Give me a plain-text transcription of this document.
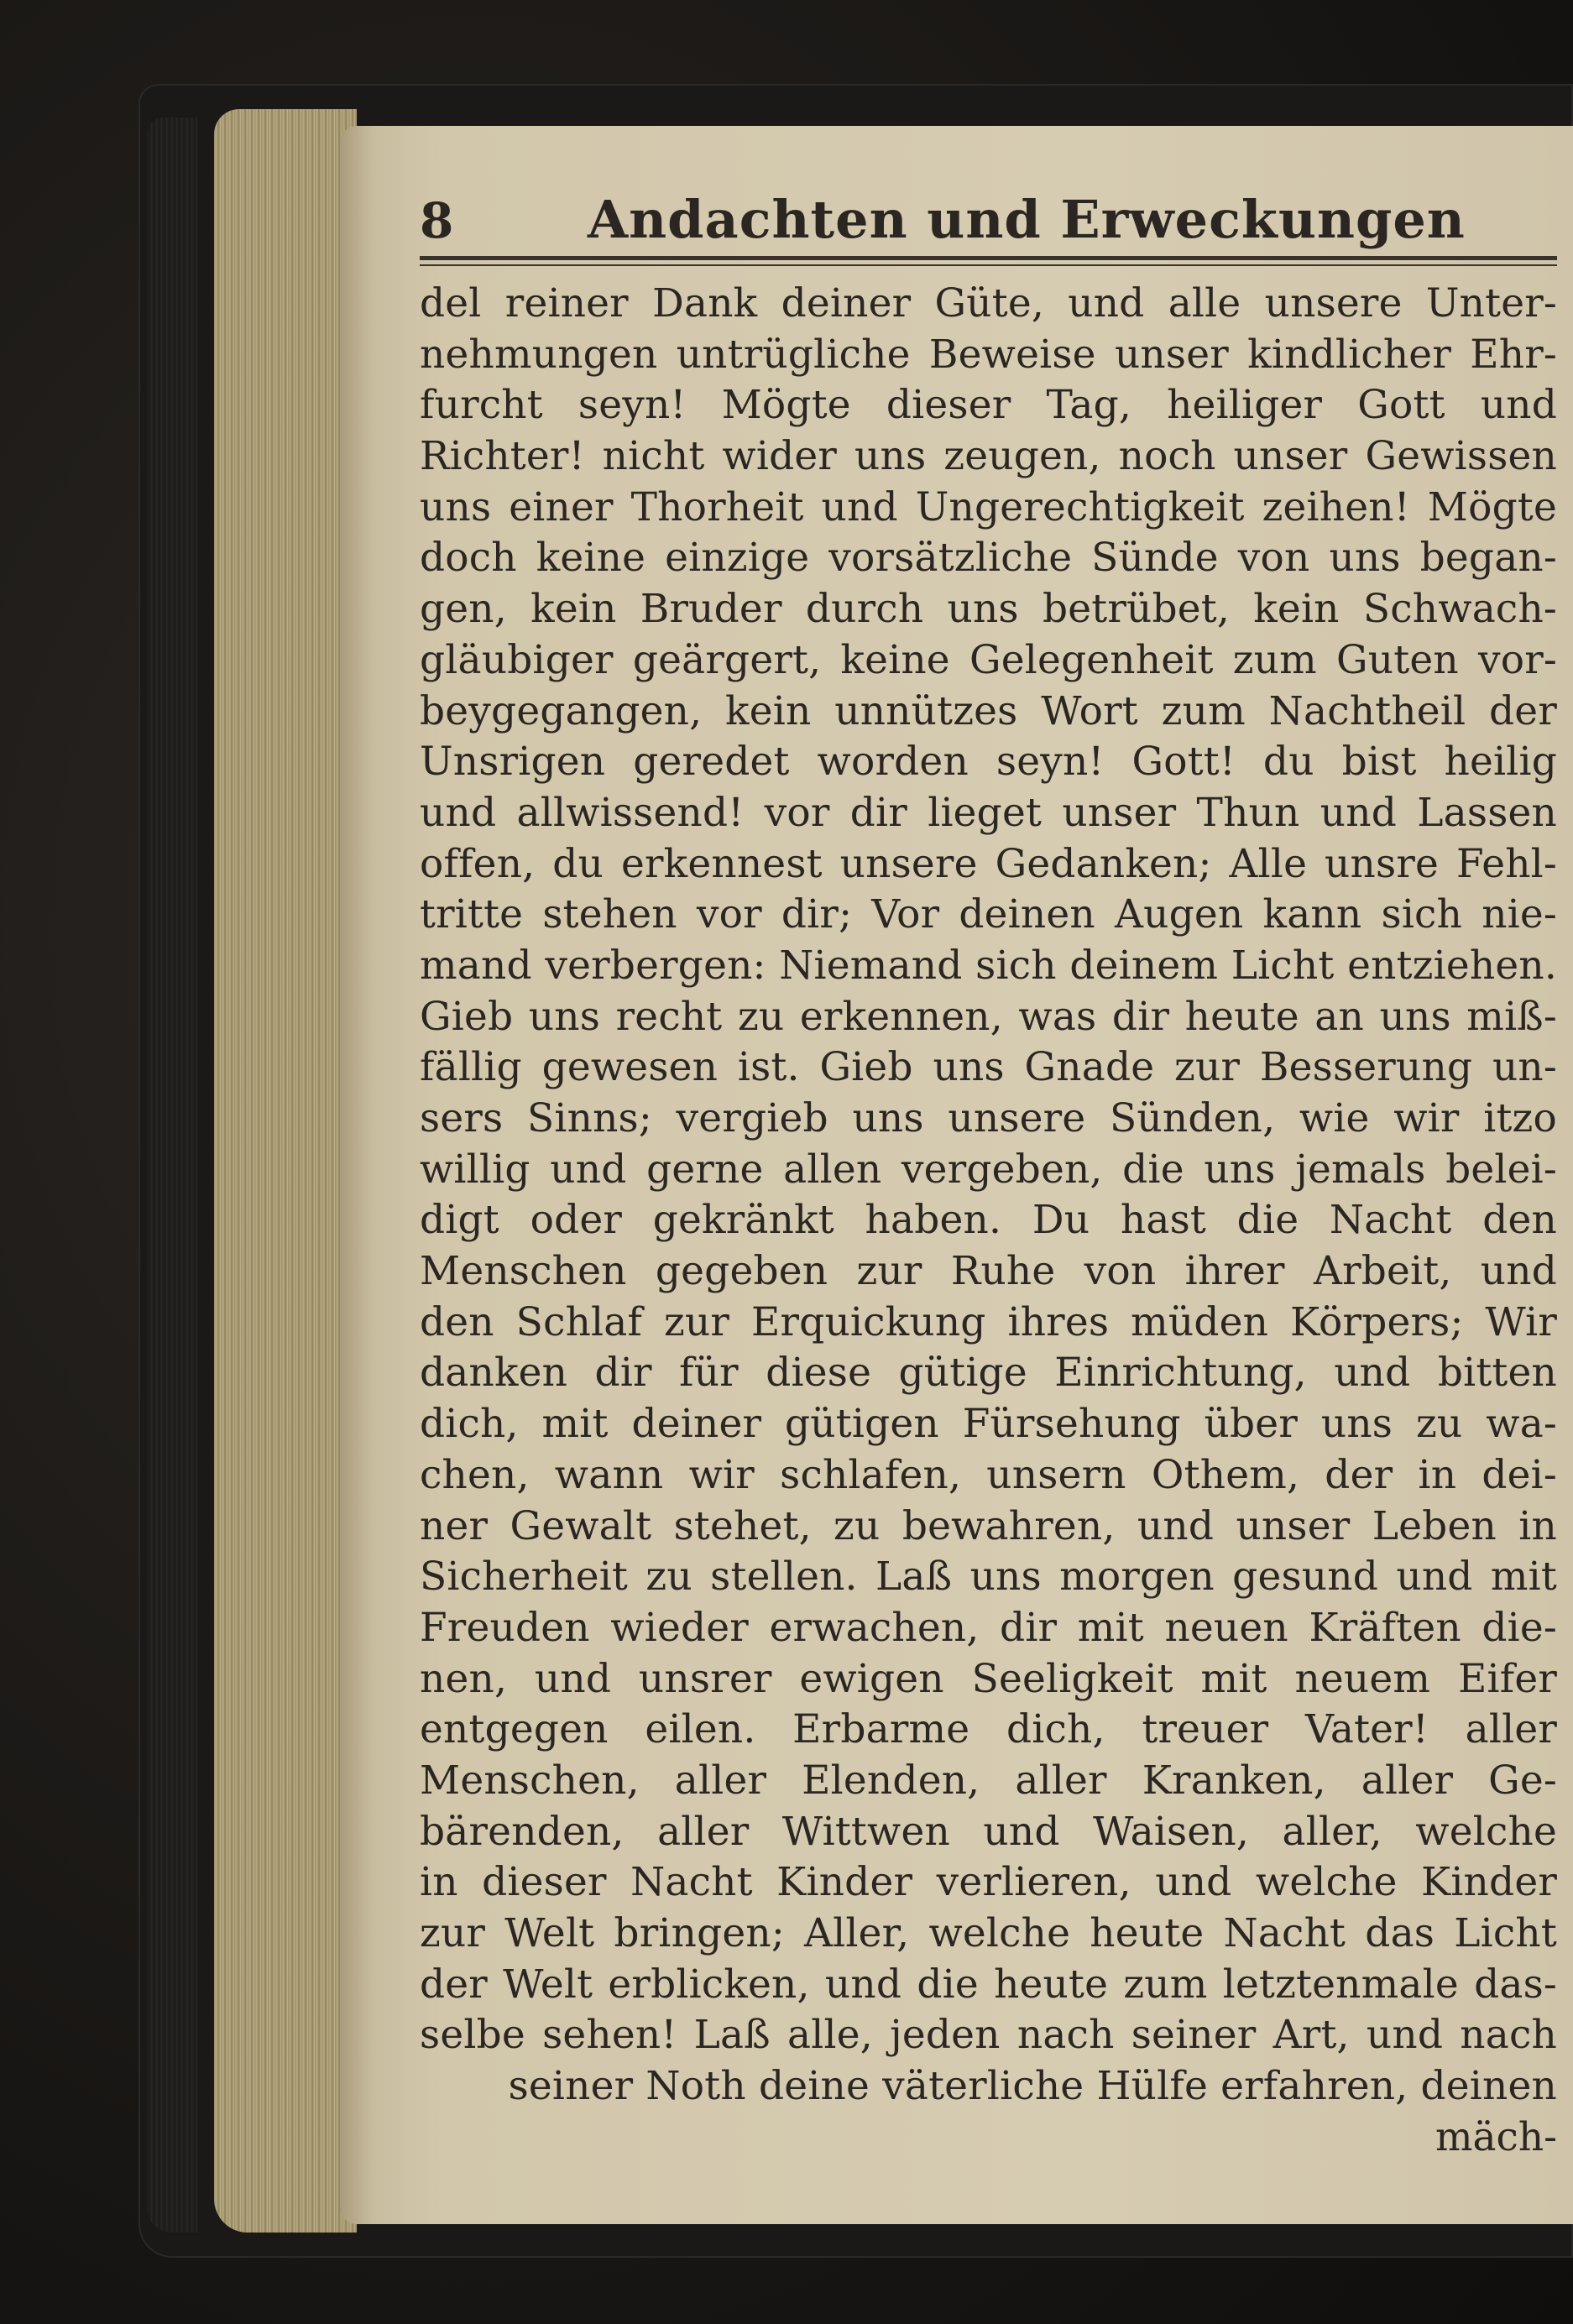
8	Andachten und Erweckungen
del reiner Dank deiner Güte, und alle unsere Unter-
nehmungen untrügliche Beweise unser kindlicher Ehr-
furcht seyn! Mögte dieser Tag, heiliger Gott und
Richter! nicht wider uns zeugen, noch unser Gewissen
uns einer Thorheit und Ungerechtigkeit zeihen! Mögte
doch keine einzige vorsätzliche Sünde von uns began-
gen, kein Bruder durch uns betrübet, kein Schwach-
gläubiger geärgert, keine Gelegenheit zum Guten vor-
beygegangen, kein unnützes Wort zum Nachtheil der
Unsrigen geredet worden seyn! Gott! du bist heilig
und allwissend! vor dir lieget unser Thun und Lassen
offen, du erkennest unsere Gedanken; Alle unsre Fehl-
tritte stehen vor dir; Vor deinen Augen kann sich nie-
mand verbergen: Niemand sich deinem Licht entziehen.
Gieb uns recht zu erkennen, was dir heute an uns miß-
fällig gewesen ist. Gieb uns Gnade zur Besserung un-
sers Sinns; vergieb uns unsere Sünden, wie wir itzo
willig und gerne allen vergeben, die uns jemals belei-
digt oder gekränkt haben. Du hast die Nacht den
Menschen gegeben zur Ruhe von ihrer Arbeit, und
den Schlaf zur Erquickung ihres müden Körpers; Wir
danken dir für diese gütige Einrichtung, und bitten
dich, mit deiner gütigen Fürsehung über uns zu wa-
chen, wann wir schlafen, unsern Othem, der in dei-
ner Gewalt stehet, zu bewahren, und unser Leben in
Sicherheit zu stellen. Laß uns morgen gesund und mit
Freuden wieder erwachen, dir mit neuen Kräften die-
nen, und unsrer ewigen Seeligkeit mit neuem Eifer
entgegen eilen. Erbarme dich, treuer Vater! aller
Menschen, aller Elenden, aller Kranken, aller Ge-
bärenden, aller Wittwen und Waisen, aller, welche
in dieser Nacht Kinder verlieren, und welche Kinder
zur Welt bringen; Aller, welche heute Nacht das Licht
der Welt erblicken, und die heute zum letztenmale das-
selbe sehen! Laß alle, jeden nach seiner Art, und nach
seiner Noth deine väterliche Hülfe erfahren, deinen
mäch-
